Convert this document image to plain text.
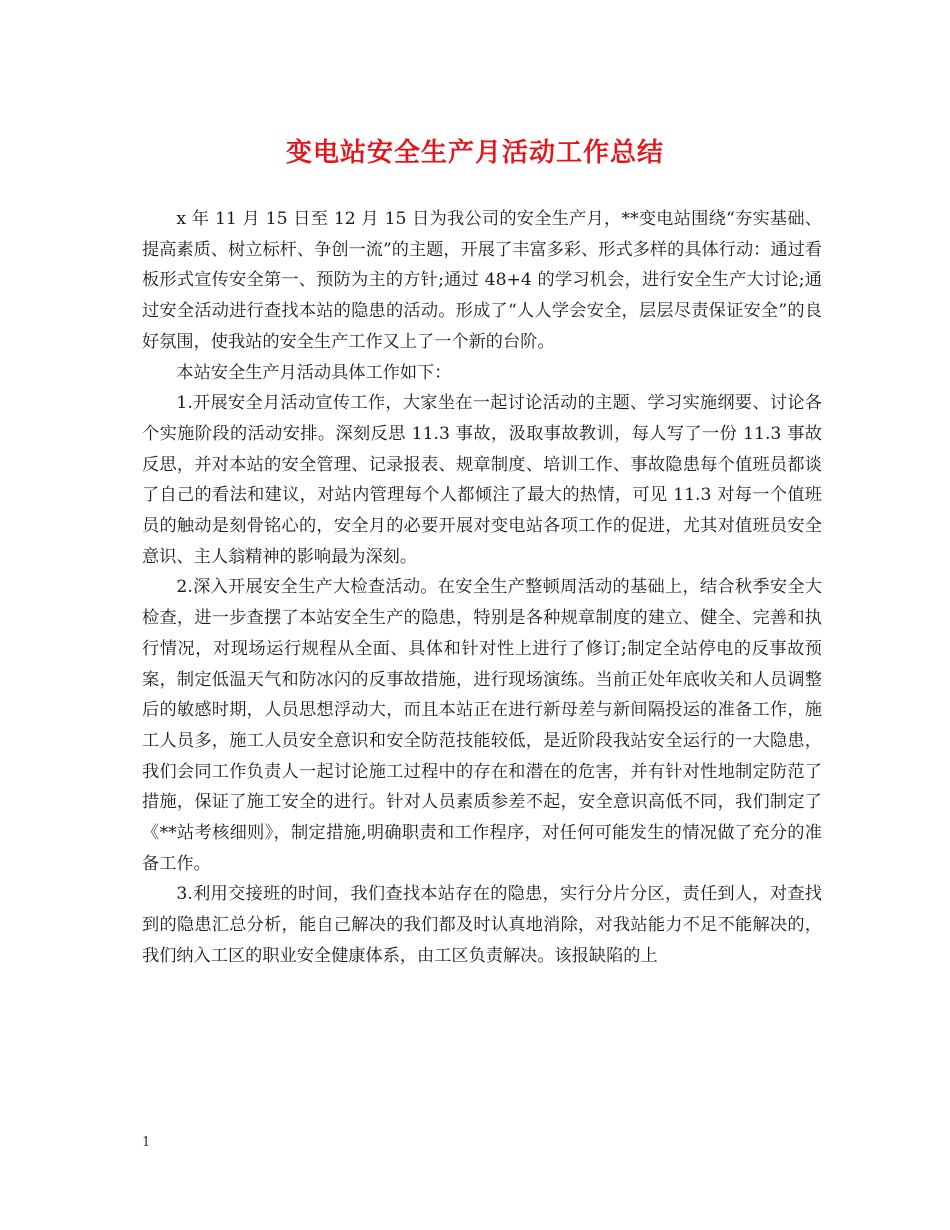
变电站安全生产月活动工作总结

x 年 11 月 15 日至 12 月 15 日为我公司的安全生产月，**变电站围绕“夯实基础、提高素质、树立标杆、争创一流”的主题，开展了丰富多彩、形式多样的具体行动：通过看板形式宣传安全第一、预防为主的方针;通过 48+4 的学习机会，进行安全生产大讨论;通过安全活动进行查找本站的隐患的活动。形成了“人人学会安全，层层尽责保证安全”的良好氛围，使我站的安全生产工作又上了一个新的台阶。

本站安全生产月活动具体工作如下：

1.开展安全月活动宣传工作，大家坐在一起讨论活动的主题、学习实施纲要、讨论各个实施阶段的活动安排。深刻反思 11.3 事故，汲取事故教训，每人写了一份 11.3 事故反思，并对本站的安全管理、记录报表、规章制度、培训工作、事故隐患每个值班员都谈了自己的看法和建议，对站内管理每个人都倾注了最大的热情，可见 11.3 对每一个值班员的触动是刻骨铭心的，安全月的必要开展对变电站各项工作的促进，尤其对值班员安全意识、主人翁精神的影响最为深刻。

2.深入开展安全生产大检查活动。在安全生产整顿周活动的基础上，结合秋季安全大检查，进一步查摆了本站安全生产的隐患，特别是各种规章制度的建立、健全、完善和执行情况，对现场运行规程从全面、具体和针对性上进行了修订;制定全站停电的反事故预案，制定低温天气和防冰闪的反事故措施，进行现场演练。当前正处年底收关和人员调整后的敏感时期，人员思想浮动大，而且本站正在进行新母差与新间隔投运的准备工作，施工人员多，施工人员安全意识和安全防范技能较低，是近阶段我站安全运行的一大隐患，我们会同工作负责人一起讨论施工过程中的存在和潜在的危害，并有针对性地制定防范了措施，保证了施工安全的进行。针对人员素质参差不起，安全意识高低不同，我们制定了《**站考核细则》，制定措施,明确职责和工作程序，对任何可能发生的情况做了充分的准备工作。

3.利用交接班的时间，我们查找本站存在的隐患，实行分片分区，责任到人，对查找到的隐患汇总分析，能自己解决的我们都及时认真地消除，对我站能力不足不能解决的，我们纳入工区的职业安全健康体系，由工区负责解决。该报缺陷的上

1
